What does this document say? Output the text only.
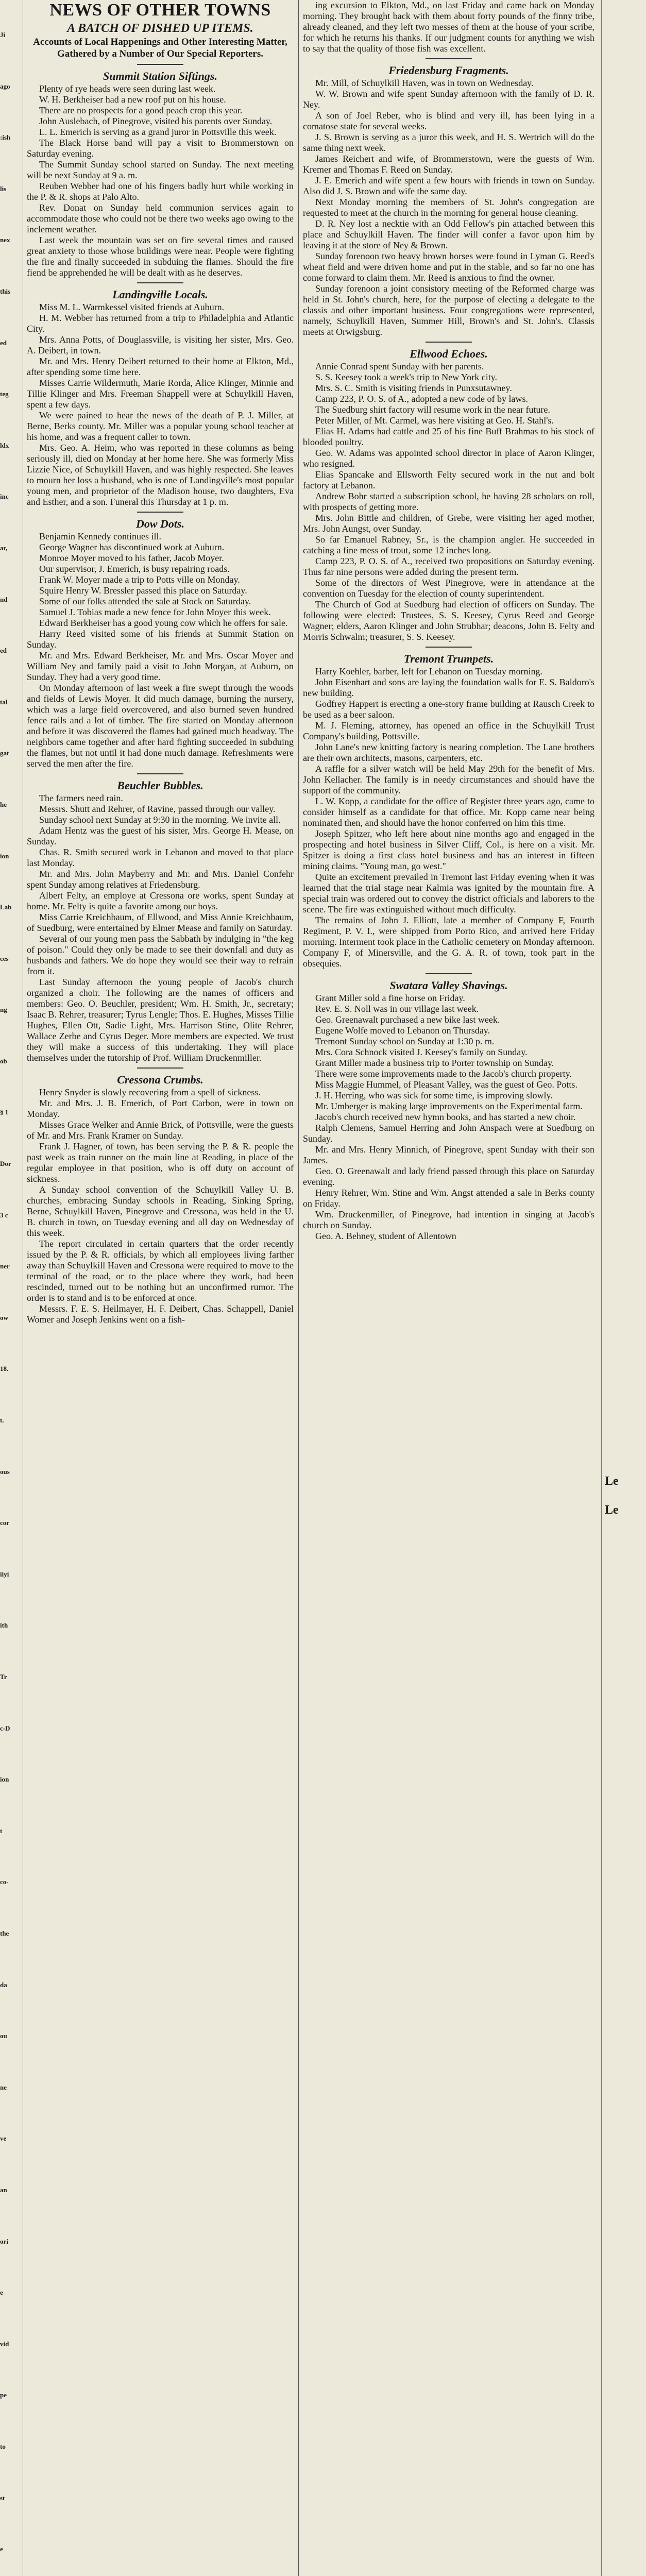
Ji
ago
:ish
lis
nex
this
ed
teg
ldx
inc
ar,
nd
ed
tal
gat
he
ion
Lab
ces
ng
ob
§ 1
Dor
3 c
ner
ow
18.
t.
ous
cor
iiyi
ith
Tr
c-D
ion
t
co-
the
da
ou
ne
ve
an
ori
e
vid
pe
to
st
e
Le
Le

NEWS OF OTHER TOWNS

A BATCH OF DISHED UP ITEMS.

Accounts of Local Happenings and Other Interesting Matter, Gathered by a Number of Our Special Reporters.

Summit Station Siftings.

Plenty of rye heads were seen during last week.

W. H. Berkheiser had a new roof put on his house.

There are no prospects for a good peach crop this year.

John Auslebach, of Pinegrove, visited his parents over Sunday.

L. L. Emerich is serving as a grand juror in Pottsville this week.

The Black Horse band will pay a visit to Brommerstown on Saturday evening.

The Summit Sunday school started on Sunday. The next meeting will be next Sunday at 9 a. m.

Reuben Webber had one of his fingers badly hurt while working in the P. & R. shops at Palo Alto.

Rev. Donat on Sunday held communion services again to accommodate those who could not be there two weeks ago owing to the inclement weather.

Last week the mountain was set on fire several times and caused great anxiety to those whose buildings were near. People were fighting the fire and finally succeeded in subduing the flames. Should the fire fiend be apprehended he will be dealt with as he deserves.

Landingville Locals.

Miss M. L. Warmkessel visited friends at Auburn.

H. M. Webber has returned from a trip to Philadelphia and Atlantic City.

Mrs. Anna Potts, of Douglassville, is visiting her sister, Mrs. Geo. A. Deibert, in town.

Mr. and Mrs. Henry Deibert returned to their home at Elkton, Md., after spending some time here.

Misses Carrie Wildermuth, Marie Rorda, Alice Klinger, Minnie and Tillie Klinger and Mrs. Freeman Shappell were at Schuylkill Haven, spent a few days.

We were pained to hear the news of the death of P. J. Miller, at Berne, Berks county. Mr. Miller was a popular young school teacher at his home, and was a frequent caller to town.

Mrs. Geo. A. Heim, who was reported in these columns as being seriously ill, died on Monday at her home here. She was formerly Miss Lizzie Nice, of Schuylkill Haven, and was highly respected. She leaves to mourn her loss a husband, who is one of Landingville's most popular young men, and proprietor of the Madison house, two daughters, Eva and Esther, and a son. Funeral this Thursday at 1 p. m.

Dow Dots.

Benjamin Kennedy continues ill.

George Wagner has discontinued work at Auburn.

Monroe Moyer moved to his father, Jacob Moyer.

Our supervisor, J. Emerich, is busy repairing roads.

Frank W. Moyer made a trip to Potts ville on Monday.

Squire Henry W. Bressler passed this place on Saturday.

Some of our folks attended the sale at Stock on Saturday.

Samuel J. Tobias made a new fence for John Moyer this week.

Edward Berkheiser has a good young cow which he offers for sale.

Harry Reed visited some of his friends at Summit Station on Sunday.

Mr. and Mrs. Edward Berkheiser, Mr. and Mrs. Oscar Moyer and William Ney and family paid a visit to John Morgan, at Auburn, on Sunday. They had a very good time.

On Monday afternoon of last week a fire swept through the woods and fields of Lewis Moyer. It did much damage, burning the nursery, which was a large field overcovered, and also burned seven hundred fence rails and a lot of timber. The fire started on Monday afternoon and before it was discovered the flames had gained much headway. The neighbors came together and after hard fighting succeeded in subduing the flames, but not until it had done much damage. Refreshments were served the men after the fire.

Beuchler Bubbles.

The farmers need rain.

Messrs. Shutt and Rehrer, of Ravine, passed through our valley.

Sunday school next Sunday at 9:30 in the morning. We invite all.

Adam Hentz was the guest of his sister, Mrs. George H. Mease, on Sunday.

Chas. R. Smith secured work in Lebanon and moved to that place last Monday.

Mr. and Mrs. John Mayberry and Mr. and Mrs. Daniel Confehr spent Sunday among relatives at Friedensburg.

Albert Felty, an employe at Cressona ore works, spent Sunday at home. Mr. Felty is quite a favorite among our boys.

Miss Carrie Kreichbaum, of Ellwood, and Miss Annie Kreichbaum, of Suedburg, were entertained by Elmer Mease and family on Saturday.

Several of our young men pass the Sabbath by indulging in "the keg of poison." Could they only be made to see their downfall and duty as husbands and fathers. We do hope they would see their way to refrain from it.

Last Sunday afternoon the young people of Jacob's church organized a choir. The following are the names of officers and members: Geo. O. Beuchler, president; Wm. H. Smith, Jr., secretary; Isaac B. Rehrer, treasurer; Tyrus Lengle; Thos. E. Hughes, Misses Tillie Hughes, Ellen Ott, Sadie Light, Mrs. Harrison Stine, Olite Rehrer, Wallace Zerbe and Cyrus Deger. More members are expected. We trust they will make a success of this undertaking. They will place themselves under the tutorship of Prof. William Druckenmiller.

Cressona Crumbs.

Henry Snyder is slowly recovering from a spell of sickness.

Mr. and Mrs. J. B. Emerich, of Port Carbon, were in town on Monday.

Misses Grace Welker and Annie Brick, of Pottsville, were the guests of Mr. and Mrs. Frank Kramer on Sunday.

Frank J. Hagner, of town, has been serving the P. & R. people the past week as train runner on the main line at Reading, in place of the regular employee in that position, who is off duty on account of sickness.

A Sunday school convention of the Schuylkill Valley U. B. churches, embracing Sunday schools in Reading, Sinking Spring, Berne, Schuylkill Haven, Pinegrove and Cressona, was held in the U. B. church in town, on Tuesday evening and all day on Wednesday of this week.

The report circulated in certain quarters that the order recently issued by the P. & R. officials, by which all employees living farther away than Schuylkill Haven and Cressona were required to move to the terminal of the road, or to the place where they work, had been rescinded, turned out to be nothing but an unconfirmed rumor. The order is to stand and is to be enforced at once.

Messrs. F. E. S. Heilmayer, H. F. Deibert, Chas. Schappell, Daniel Womer and Joseph Jenkins went on a fish-

ing excursion to Elkton, Md., on last Friday and came back on Monday morning. They brought back with them about forty pounds of the finny tribe, already cleaned, and they left two messes of them at the house of your scribe, for which he returns his thanks. If our judgment counts for anything we wish to say that the quality of those fish was excellent.

Friedensburg Fragments.

Mr. Mill, of Schuylkill Haven, was in town on Wednesday.

W. W. Brown and wife spent Sunday afternoon with the family of D. R. Ney.

A son of Joel Reber, who is blind and very ill, has been lying in a comatose state for several weeks.

J. S. Brown is serving as a juror this week, and H. S. Wertrich will do the same thing next week.

James Reichert and wife, of Brommerstown, were the guests of Wm. Kremer and Thomas F. Reed on Sunday.

J. E. Emerich and wife spent a few hours with friends in town on Sunday. Also did J. S. Brown and wife the same day.

Next Monday morning the members of St. John's congregation are requested to meet at the church in the morning for general house cleaning.

D. R. Ney lost a necktie with an Odd Fellow's pin attached between this place and Schuylkill Haven. The finder will confer a favor upon him by leaving it at the store of Ney & Brown.

Sunday forenoon two heavy brown horses were found in Lyman G. Reed's wheat field and were driven home and put in the stable, and so far no one has come forward to claim them. Mr. Reed is anxious to find the owner.

Sunday forenoon a joint consistory meeting of the Reformed charge was held in St. John's church, here, for the purpose of electing a delegate to the classis and other important business. Four congregations were represented, namely, Schuylkill Haven, Summer Hill, Brown's and St. John's. Classis meets at Orwigsburg.

Ellwood Echoes.

Annie Conrad spent Sunday with her parents.

S. S. Keesey took a week's trip to New York city.

Mrs. S. C. Smith is visiting friends in Punxsutawney.

Camp 223, P. O. S. of A., adopted a new code of by laws.

The Suedburg shirt factory will resume work in the near future.

Peter Miller, of Mt. Carmel, was here visiting at Geo. H. Stahl's.

Elias H. Adams had cattle and 25 of his fine Buff Brahmas to his stock of blooded poultry.

Geo. W. Adams was appointed school director in place of Aaron Klinger, who resigned.

Elias Spancake and Ellsworth Felty secured work in the nut and bolt factory at Lebanon.

Andrew Bohr started a subscription school, he having 28 scholars on roll, with prospects of getting more.

Mrs. John Bittle and children, of Grebe, were visiting her aged mother, Mrs. John Aungst, over Sunday.

So far Emanuel Rabney, Sr., is the champion angler. He succeeded in catching a fine mess of trout, some 12 inches long.

Camp 223, P. O. S. of A., received two propositions on Saturday evening. Thus far nine persons were added during the present term.

Some of the directors of West Pinegrove, were in attendance at the convention on Tuesday for the election of county superintendent.

The Church of God at Suedburg had election of officers on Sunday. The following were elected: Trustees, S. S. Keesey, Cyrus Reed and George Wagner; elders, Aaron Klinger and John Strubhar; deacons, John B. Felty and Morris Schwalm; treasurer, S. S. Keesey.

Tremont Trumpets.

Harry Koehler, barber, left for Lebanon on Tuesday morning.

John Eisenhart and sons are laying the foundation walls for E. S. Baldoro's new building.

Godfrey Happert is erecting a one-story frame building at Rausch Creek to be used as a beer saloon.

M. J. Fleming, attorney, has opened an office in the Schuylkill Trust Company's building, Pottsville.

John Lane's new knitting factory is nearing completion. The Lane brothers are their own architects, masons, carpenters, etc.

A raffle for a silver watch will be held May 29th for the benefit of Mrs. John Kellacher. The family is in needy circumstances and should have the support of the community.

L. W. Kopp, a candidate for the office of Register three years ago, came to consider himself as a candidate for that office. Mr. Kopp came near being nominated then, and should have the honor conferred on him this time.

Joseph Spitzer, who left here about nine months ago and engaged in the prospecting and hotel business in Silver Cliff, Col., is here on a visit. Mr. Spitzer is doing a first class hotel business and has an interest in fifteen mining claims. "Young man, go west."

Quite an excitement prevailed in Tremont last Friday evening when it was learned that the trial stage near Kalmia was ignited by the mountain fire. A special train was ordered out to convey the district officials and laborers to the scene. The fire was extinguished without much difficulty.

The remains of John J. Elliott, late a member of Company F, Fourth Regiment, P. V. I., were shipped from Porto Rico, and arrived here Friday morning. Interment took place in the Catholic cemetery on Monday afternoon. Company F, of Minersville, and the G. A. R. of town, took part in the obsequies.

Swatara Valley Shavings.

Grant Miller sold a fine horse on Friday.

Rev. E. S. Noll was in our village last week.

Geo. Greenawalt purchased a new bike last week.

Eugene Wolfe moved to Lebanon on Thursday.

Tremont Sunday school on Sunday at 1:30 p. m.

Mrs. Cora Schnock visited J. Keesey's family on Sunday.

Grant Miller made a business trip to Porter township on Sunday.

There were some improvements made to the Jacob's church property.

Miss Maggie Hummel, of Pleasant Valley, was the guest of Geo. Potts.

J. H. Herring, who was sick for some time, is improving slowly.

Mr. Umberger is making large improvements on the Experimental farm.

Jacob's church received new hymn books, and has started a new choir.

Ralph Clemens, Samuel Herring and John Anspach were at Suedburg on Sunday.

Mr. and Mrs. Henry Minnich, of Pinegrove, spent Sunday with their son James.

Geo. O. Greenawalt and lady friend passed through this place on Saturday evening.

Henry Rehrer, Wm. Stine and Wm. Angst attended a sale in Berks county on Friday.

Wm. Druckenmiller, of Pinegrove, had intention in singing at Jacob's church on Sunday.

Geo. A. Behney, student of Allentown
